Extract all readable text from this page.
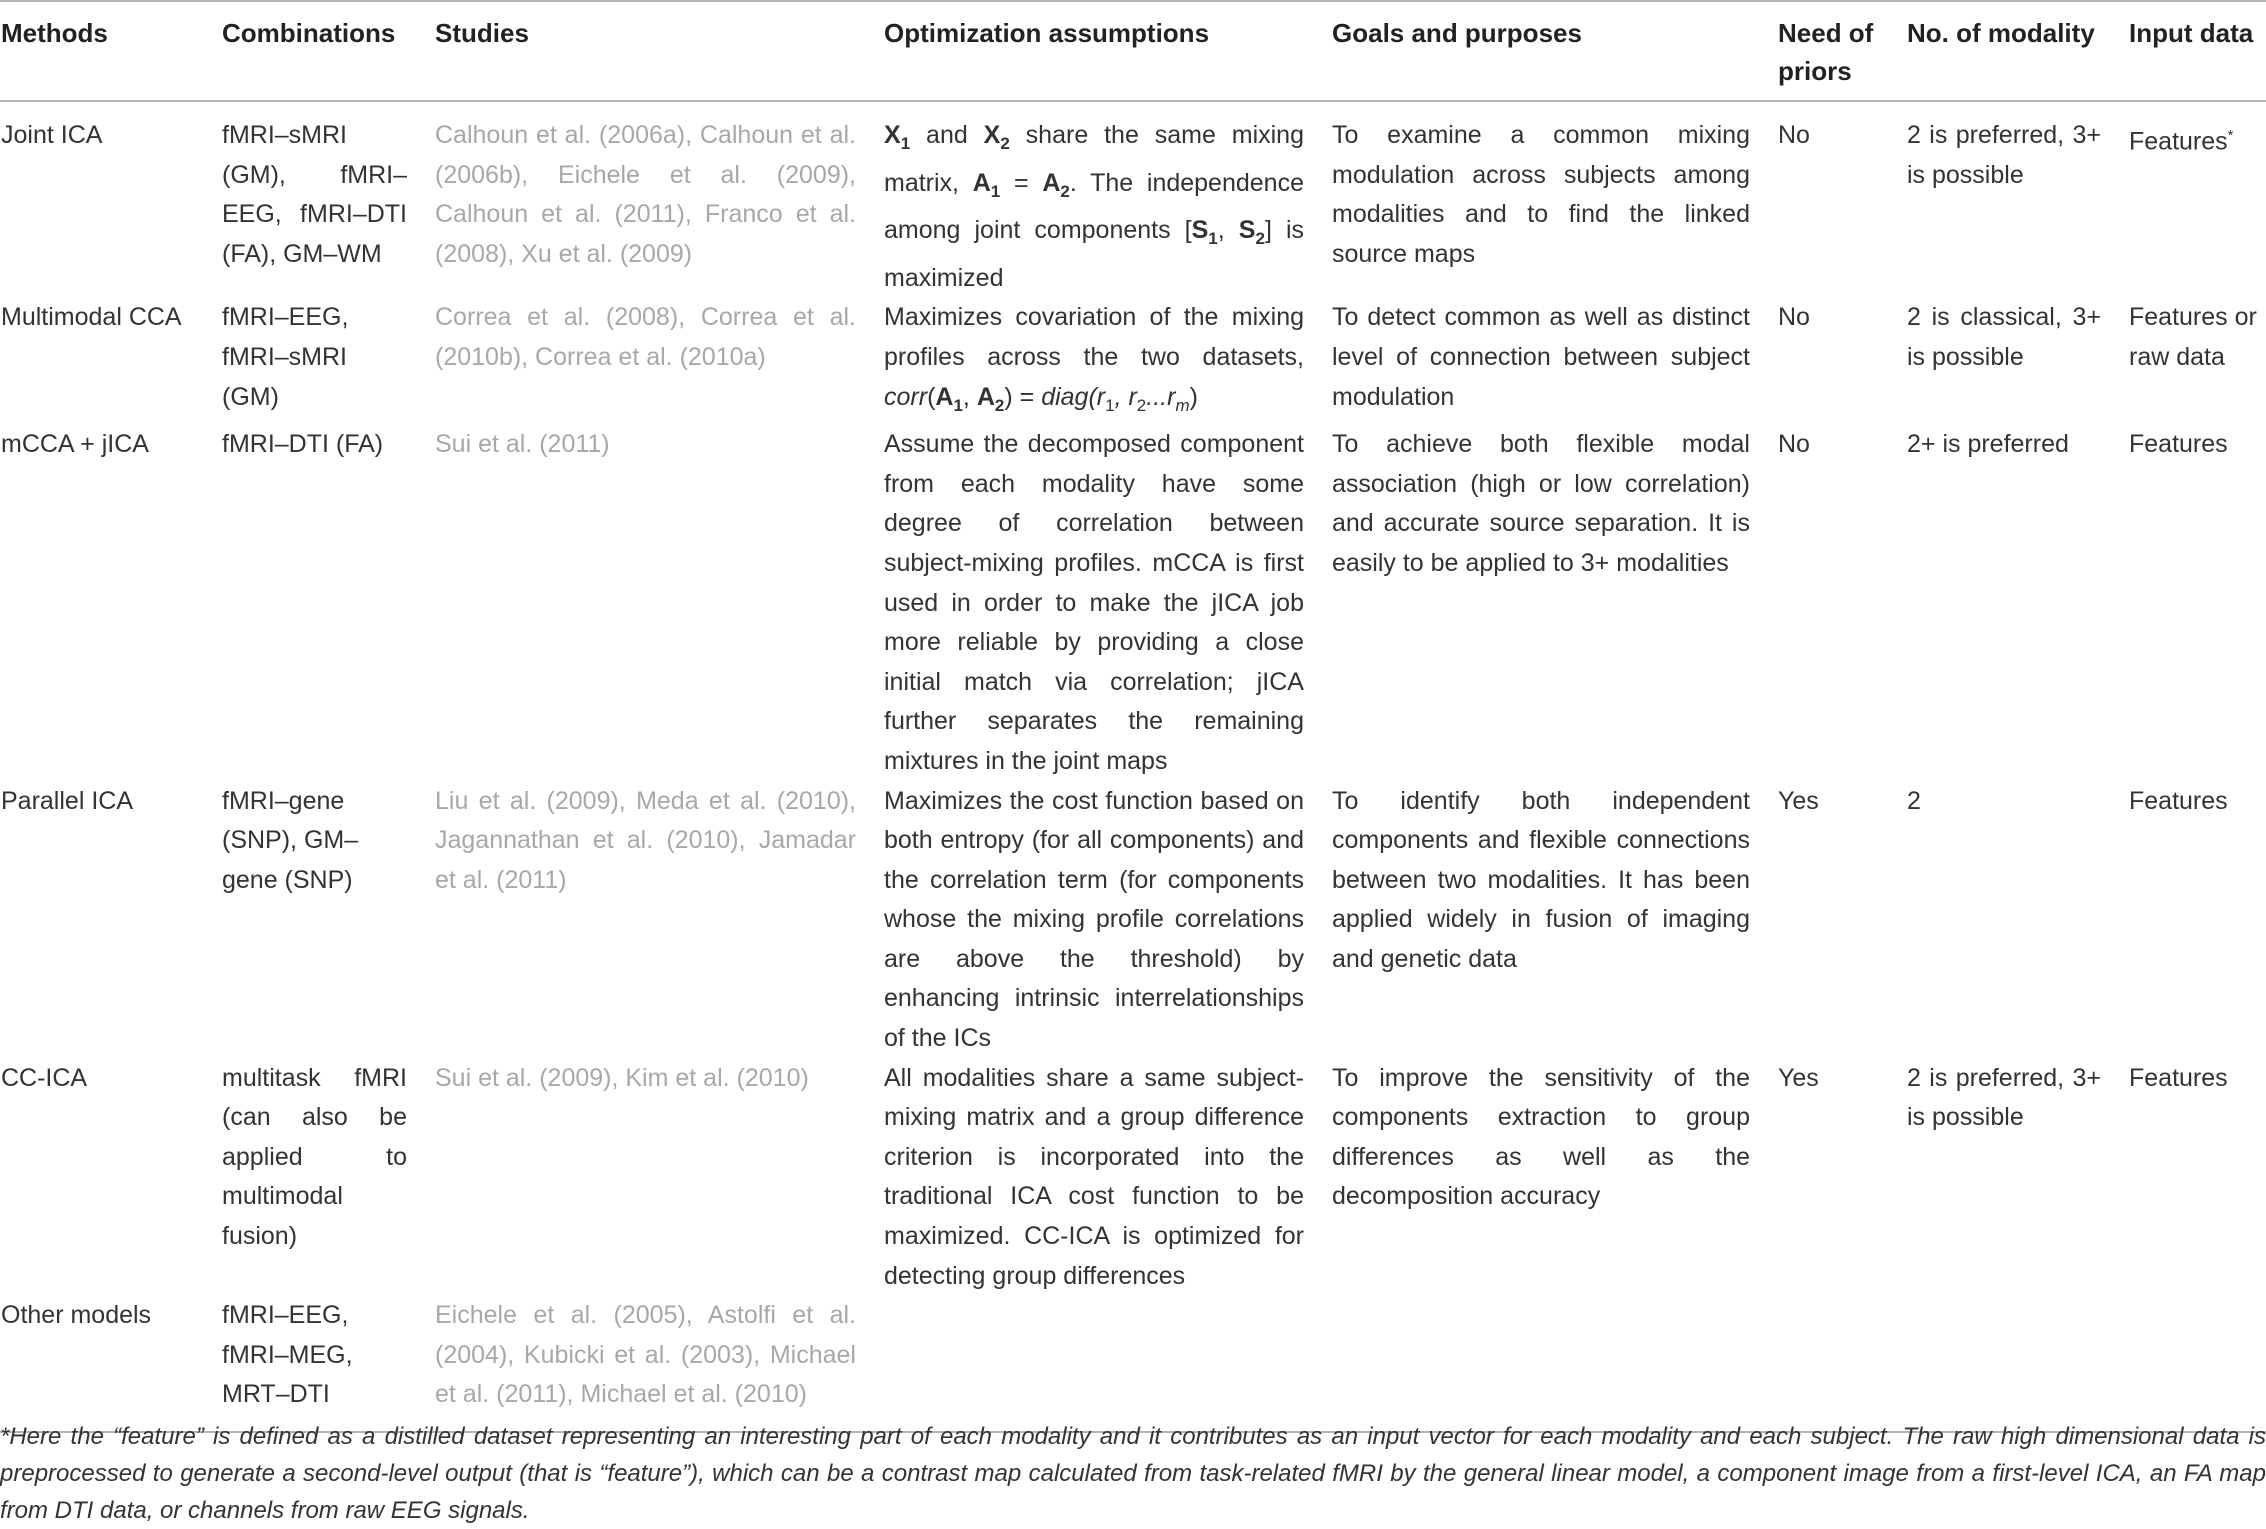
Methods	Combinations	Studies	Optimization assumptions	Goals and purposes	Need of priors	No. of modality	Input data
Joint ICA	fMRI–sMRI (GM), fMRI–EEG, fMRI–DTI (FA), GM–WM	Calhoun et al. (2006a), Calhoun et al. (2006b), Eichele et al. (2009), Calhoun et al. (2011), Franco et al. (2008), Xu et al. (2009)	$X_1$ and $X_2$ share the same mixing matrix, $A_1 = A_2$. The independence among joint components [$S_1$, $S_2$] is maximized	To examine a common mixing modulation across subjects among modalities and to find the linked source maps	No	2 is preferred, 3+ is possible	Features*
Multimodal CCA	fMRI–EEG, fMRI–sMRI (GM)	Correa et al. (2008), Correa et al. (2010b), Correa et al. (2010a)	Maximizes covariation of the mixing profiles across the two datasets, $corr(A_1$, $A_2$) = $diag(r_1$, $r_2...r_m$)	To detect common as well as distinct level of connection between subject modulation	No	2 is classical, 3+ is possible	Features or raw data
mCCA + jICA	fMRI–DTI (FA)	Sui et al. (2011)	Assume the decomposed component from each modality have some degree of correlation between subject-mixing profiles. mCCA is first used in order to make the jICA job more reliable by providing a close initial match via correlation; jICA further separates the remaining mixtures in the joint maps	To achieve both flexible modal association (high or low correlation) and accurate source separation. It is easily to be applied to 3+ modalities	No	2+ is preferred	Features
Parallel ICA	fMRI–gene (SNP), GM–gene (SNP)	Liu et al. (2009), Meda et al. (2010), Jagannathan et al. (2010), Jamadar et al. (2011)	Maximizes the cost function based on both entropy (for all components) and the correlation term (for components whose the mixing profile correlations are above the threshold) by enhancing intrinsic interrelationships of the ICs	To identify both independent components and flexible connections between two modalities. It has been applied widely in fusion of imaging and genetic data	Yes	2	Features
CC-ICA	multitask fMRI (can also be applied to multimodal fusion)	Sui et al. (2009), Kim et al. (2010)	All modalities share a same subject-mixing matrix and a group difference criterion is incorporated into the traditional ICA cost function to be maximized. CC-ICA is optimized for detecting group differences	To improve the sensitivity of the components extraction to group differences as well as the decomposition accuracy	Yes	2 is preferred, 3+ is possible	Features
Other models	fMRI–EEG, fMRI–MEG, MRT–DTI	Eichele et al. (2005), Astolfi et al. (2004), Kubicki et al. (2003), Michael et al. (2011), Michael et al. (2010)					
*Here the “feature” is defined as a distilled dataset representing an interesting part of each modality and it contributes as an input vector for each modality and each subject. The raw high dimensional data is preprocessed to generate a second-level output (that is “feature”), which can be a contrast map calculated from task-related fMRI by the general linear model, a component image from a first-level ICA, an FA map from DTI data, or channels from raw EEG signals.
